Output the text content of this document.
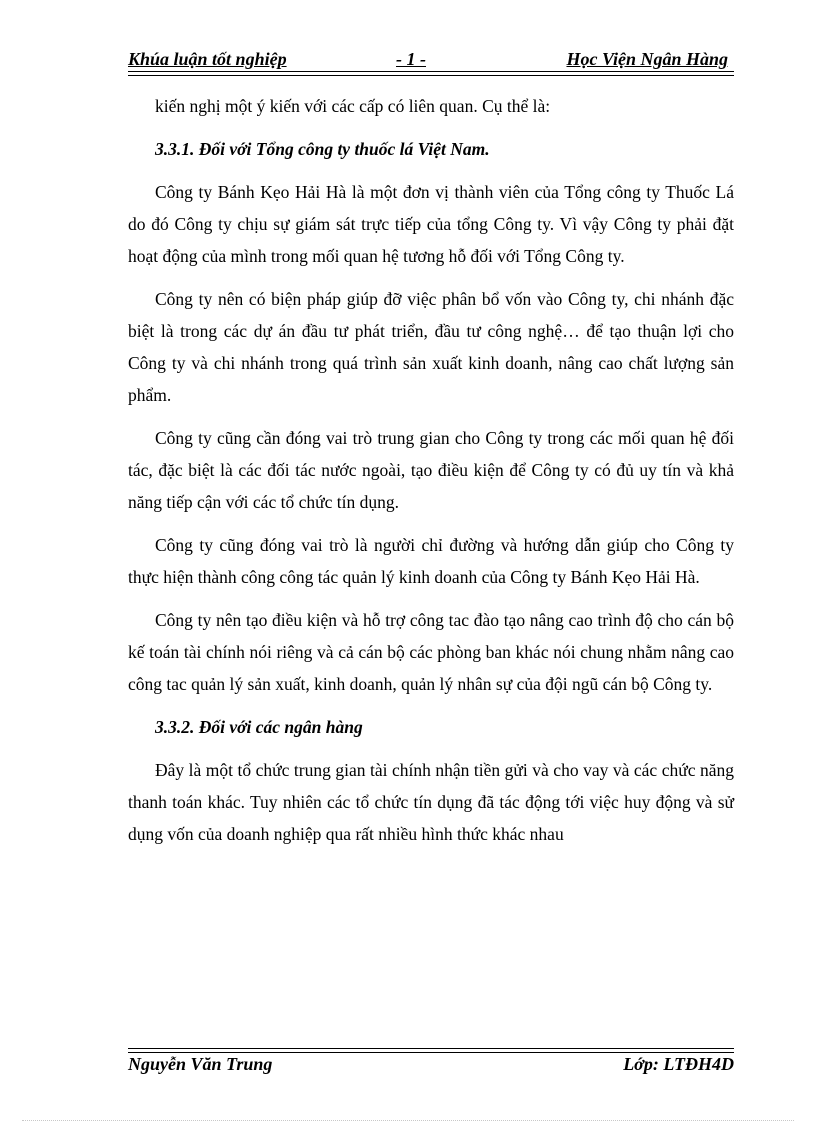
Khúa luận tốt nghiệp	- 1 -	Học Viện Ngân Hàng

kiến nghị một ý kiến với các cấp có liên quan. Cụ thể là:

3.3.1. Đối với Tổng công ty thuốc lá Việt Nam.

Công ty Bánh Kẹo Hải Hà là một đơn vị thành viên của Tổng công ty Thuốc Lá do đó Công ty chịu sự giám sát trực tiếp của tổng Công ty. Vì vậy Công ty phải đặt hoạt động của mình trong mối quan hệ tương hỗ đối với Tổng Công ty.

Công ty nên có biện pháp giúp đỡ việc phân bổ vốn vào Công ty, chi nhánh đặc biệt là trong các dự án đầu tư phát triển, đầu tư công nghệ… để tạo thuận lợi cho Công ty và chi nhánh trong quá trình sản xuất kinh doanh, nâng cao chất lượng sản phẩm.

Công ty cũng cần đóng vai trò trung gian cho Công ty trong các mối quan hệ đối tác, đặc biệt là các đối tác nước ngoài, tạo điều kiện để Công ty có đủ uy tín và khả năng tiếp cận với các tổ chức tín dụng.

Công ty cũng đóng vai trò là người chỉ đường và hướng dẫn giúp cho Công ty thực hiện thành công công tác quản lý kinh doanh của Công ty Bánh Kẹo Hải Hà.

Công ty nên tạo điều kiện và hỗ trợ công tac đào tạo nâng cao trình độ cho cán bộ kế toán tài chính nói riêng và cả cán bộ các phòng ban khác nói chung nhằm nâng cao công tac quản lý sản xuất, kinh doanh, quản lý nhân sự của đội ngũ cán bộ Công ty.

3.3.2. Đối với các ngân hàng

Đây là một tổ chức trung gian tài chính nhận tiền gửi và cho vay và các chức năng thanh toán khác. Tuy nhiên các tổ chức tín dụng đã tác động tới việc huy động và sử dụng vốn của doanh nghiệp qua rất nhiều hình thức khác nhau

Nguyễn Văn Trung	Lớp: LTĐH4D
